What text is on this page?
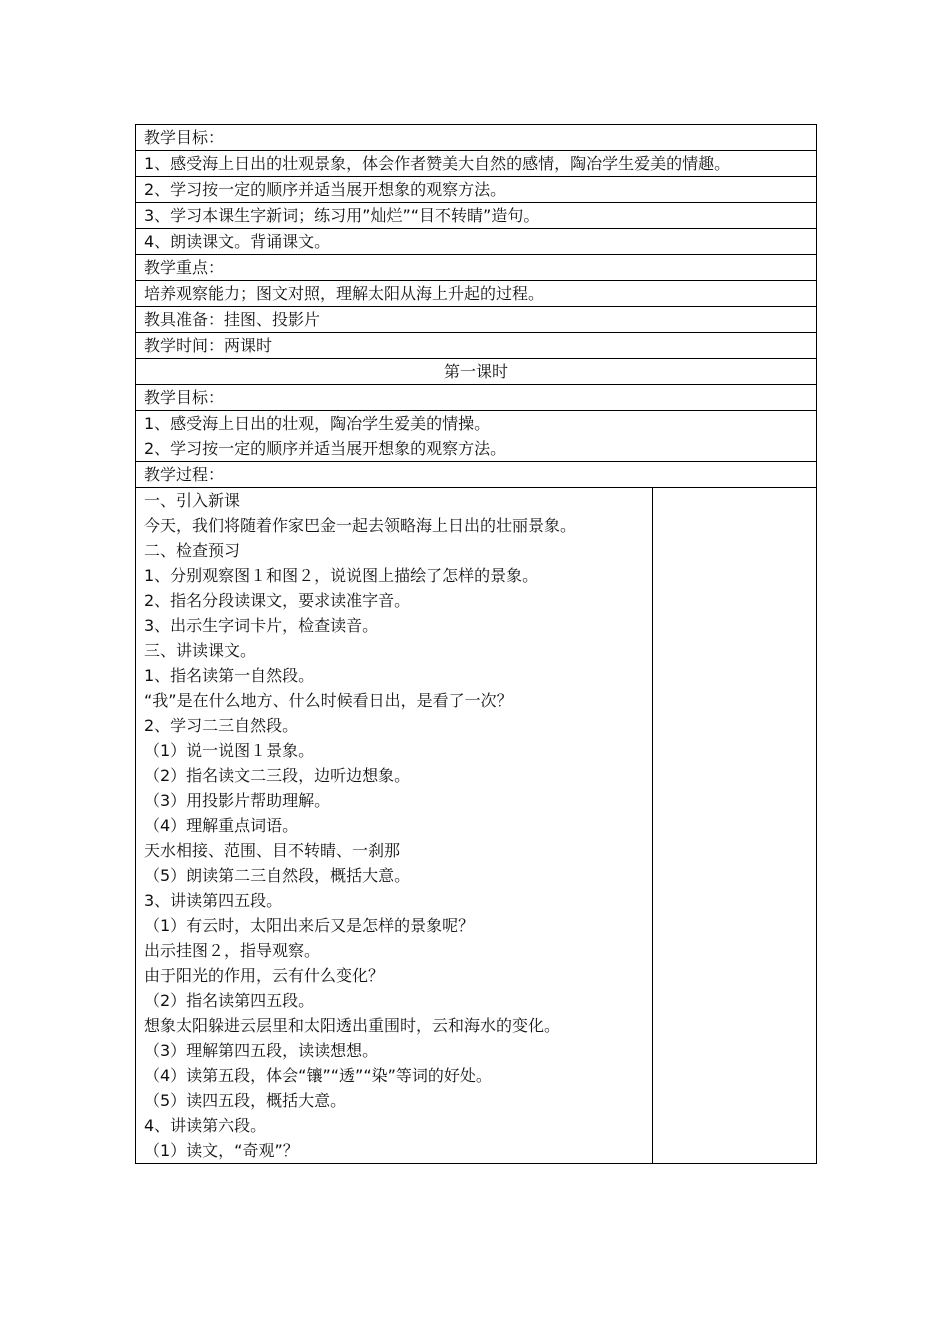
教学目标：
1、感受海上日出的壮观景象，体会作者赞美大自然的感情，陶冶学生爱美的情趣。
2、学习按一定的顺序并适当展开想象的观察方法。
3、学习本课生字新词；练习用”灿烂”“目不转睛”造句。
4、朗读课文。背诵课文。
教学重点：
培养观察能力；图文对照，理解太阳从海上升起的过程。
教具准备：挂图、投影片
教学时间：两课时
第一课时
教学目标：

1、感受海上日出的壮观，陶冶学生爱美的情操。
2、学习按一定的顺序并适当展开想象的观察方法。

教学过程：

一、引入新课
今天，我们将随着作家巴金一起去领略海上日出的壮丽景象。
二、检查预习
1、分别观察图１和图２，说说图上描绘了怎样的景象。
2、指名分段读课文，要求读准字音。
3、出示生字词卡片，检查读音。
三、讲读课文。
1、指名读第一自然段。
“我”是在什么地方、什么时候看日出，是看了一次？
2、学习二三自然段。
（1）说一说图１景象。
（2）指名读文二三段，边听边想象。
（3）用投影片帮助理解。
（4）理解重点词语。
天水相接、范围、目不转睛、一刹那
（5）朗读第二三自然段，概括大意。
3、讲读第四五段。
（1）有云时，太阳出来后又是怎样的景象呢？
出示挂图２，指导观察。
由于阳光的作用，云有什么变化？
（2）指名读第四五段。
想象太阳躲进云层里和太阳透出重围时，云和海水的变化。
（3）理解第四五段，读读想想。
（4）读第五段，体会“镶”“透”“染”等词的好处。
（5）读四五段，概括大意。
4、讲读第六段。
（1）读文，“奇观”？
